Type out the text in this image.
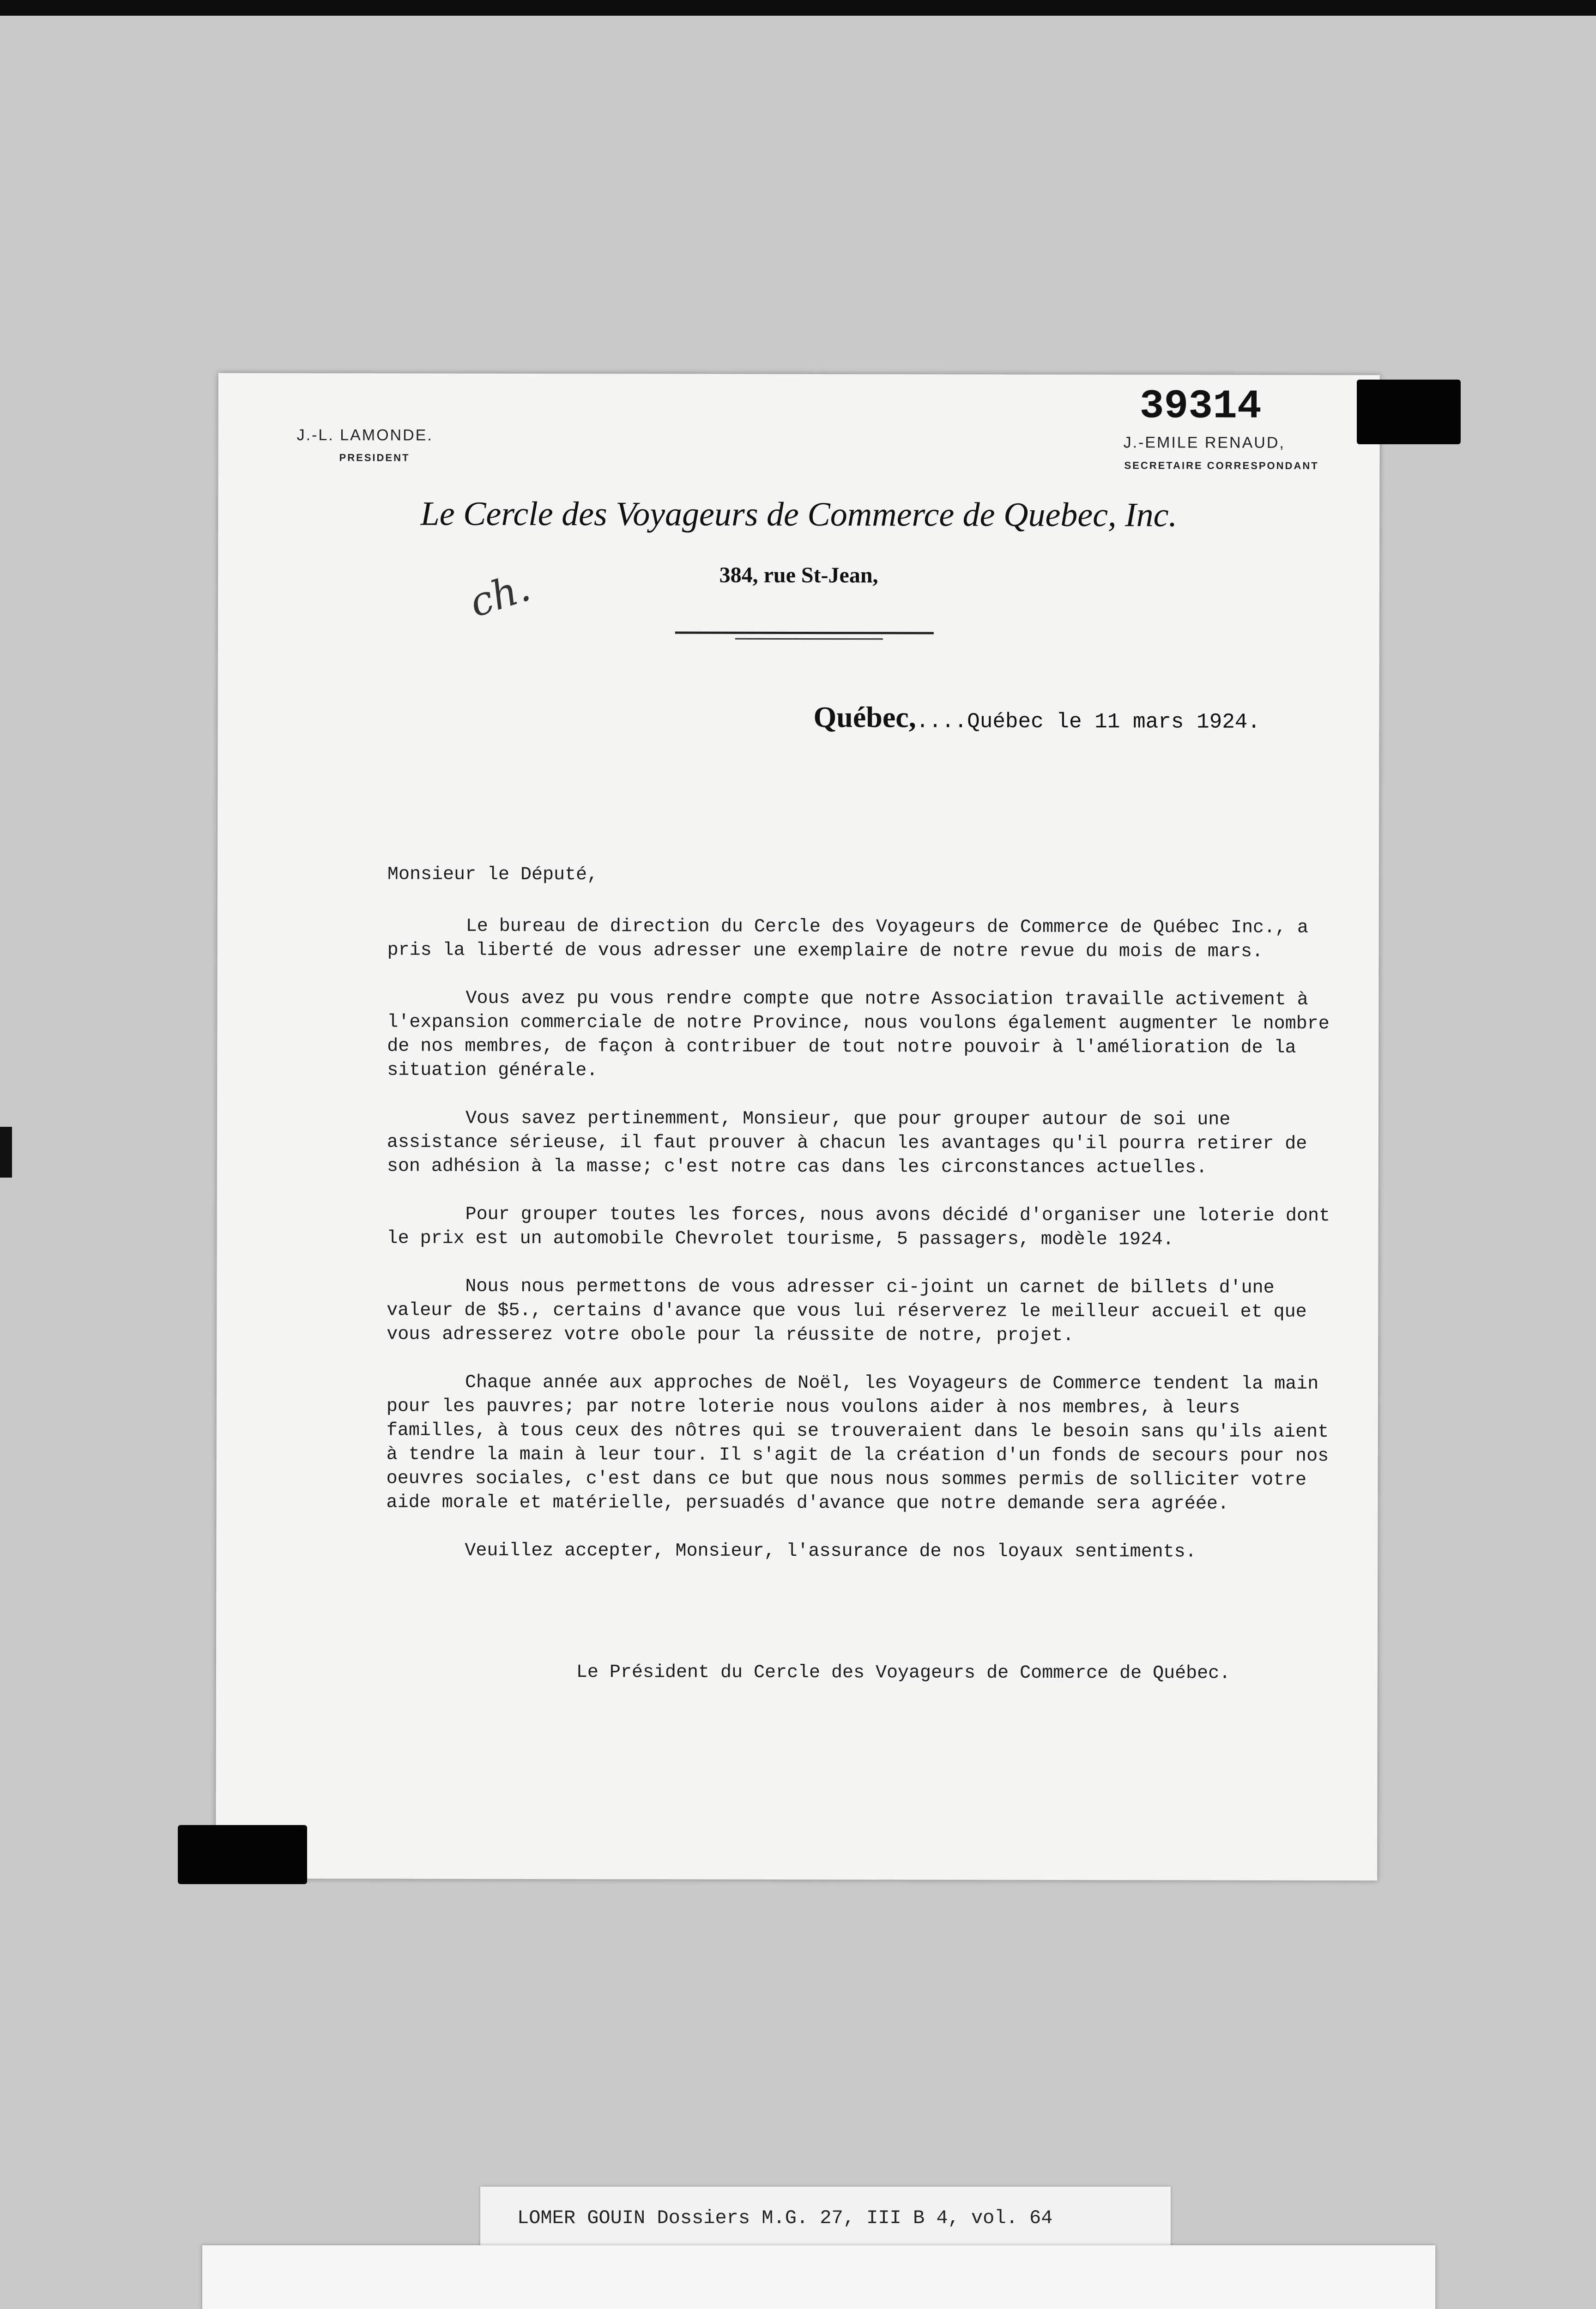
J.-L. LAMONDE.
PRESIDENT
39314
J.-EMILE RENAUD,
SECRETAIRE CORRESPONDANT
Le Cercle des Voyageurs de Commerce de Quebec, Inc.
384, rue St-Jean,
ch.
Québec,....Québec le 11 mars 1924.

Monsieur le Député,

Le bureau de direction du Cercle des Voyageurs de Commerce de Québec Inc., a pris la liberté de vous adresser une exemplaire de notre revue du mois de mars.

Vous avez pu vous rendre compte que notre Association travaille activement à l'expansion commerciale de notre Province, nous voulons également augmenter le nombre de nos membres, de façon à contribuer de tout notre pouvoir à l'amélioration de la situation générale.

Vous savez pertinemment, Monsieur, que pour grouper autour de soi une assistance sérieuse, il faut prouver à chacun les avantages qu'il pourra retirer de son adhésion à la masse; c'est notre cas dans les circonstances actuelles.

Pour grouper toutes les forces, nous avons décidé d'organiser une loterie dont le prix est un automobile Chevrolet tourisme, 5 passagers, modèle 1924.

Nous nous permettons de vous adresser ci-joint un carnet de billets d'une valeur de $5., certains d'avance que vous lui réserverez le meilleur accueil et que vous adresserez votre obole pour la réussite de notre, projet.

Chaque année aux approches de Noël, les Voyageurs de Commerce tendent la main pour les pauvres; par notre loterie nous voulons aider à nos membres, à leurs familles, à tous ceux des nôtres qui se trouveraient dans le besoin sans qu'ils aient à tendre la main à leur tour. Il s'agit de la création d'un fonds de secours pour nos oeuvres sociales, c'est dans ce but que nous nous sommes permis de solliciter votre aide morale et matérielle, persuadés d'avance que notre demande sera agréée.

Veuillez accepter, Monsieur, l'assurance de nos loyaux sentiments.

Le Président du Cercle des Voyageurs de Commerce de Québec.
LOMER GOUIN Dossiers M.G. 27, III B 4, vol. 64
